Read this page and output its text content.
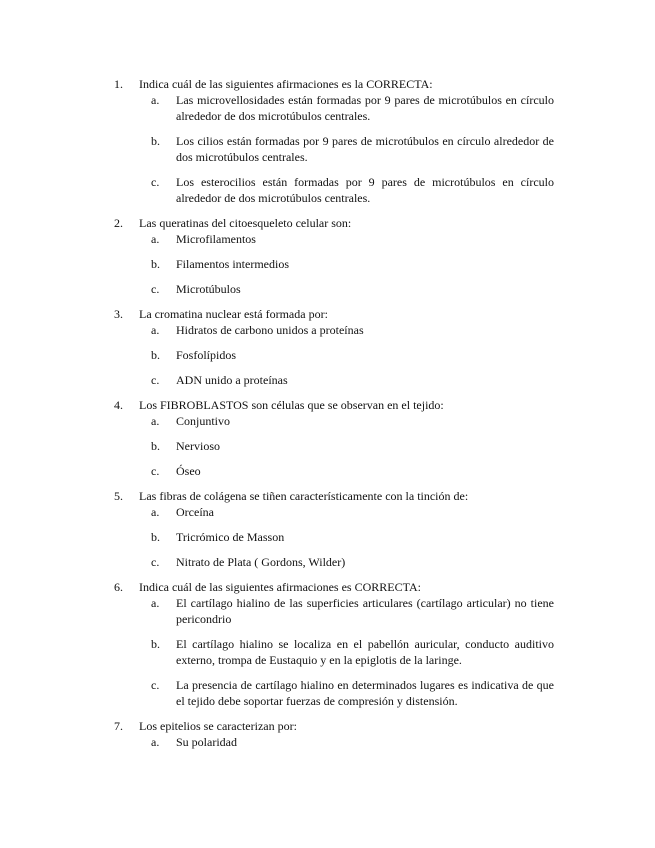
1. Indica cuál de las siguientes afirmaciones es la CORRECTA:
a. Las microvellosidades están formadas por 9 pares de microtúbulos en círculo alrededor de dos microtúbulos centrales.
b. Los cilios están formadas por 9 pares de microtúbulos en círculo alrededor de dos microtúbulos centrales.
c. Los esterocilios están formadas por 9 pares de microtúbulos en círculo alrededor de dos microtúbulos centrales.
2. Las queratinas del citoesqueleto celular son:
a. Microfilamentos
b. Filamentos intermedios
c. Microtúbulos
3. La cromatina nuclear está formada por:
a. Hidratos de carbono unidos a proteínas
b. Fosfolípidos
c. ADN unido a proteínas
4. Los FIBROBLASTOS son células que se observan en el tejido:
a. Conjuntivo
b. Nervioso
c. Óseo
5. Las fibras de colágena se tiñen característicamente con la tinción de:
a. Orceína
b. Tricrómico de Masson
c. Nitrato de Plata ( Gordons, Wilder)
6. Indica cuál de las siguientes afirmaciones es CORRECTA:
a. El cartílago hialino de las superficies articulares (cartílago articular) no tiene pericondrio
b. El cartílago hialino se localiza en el pabellón auricular, conducto auditivo externo, trompa de Eustaquio y en la epiglotis de la laringe.
c. La presencia de cartílago hialino en determinados lugares es indicativa de que el tejido debe soportar fuerzas de compresión y distensión.
7. Los epitelios se caracterizan por:
a. Su polaridad
